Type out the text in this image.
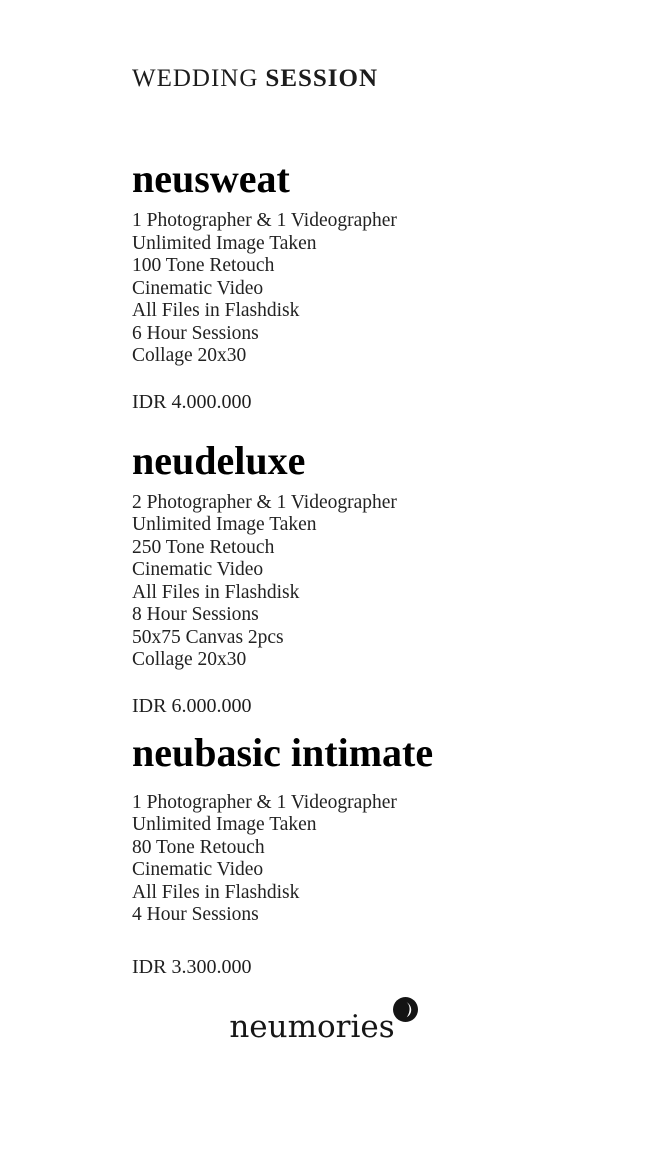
WEDDING SESSION
neusweat
1 Photographer & 1 Videographer
Unlimited Image Taken
100 Tone Retouch
Cinematic Video
All Files in Flashdisk
6 Hour Sessions
Collage 20x30

IDR 4.000.000

neudeluxe
2 Photographer & 1 Videographer
Unlimited Image Taken
250 Tone Retouch
Cinematic Video
All Files in Flashdisk
8 Hour Sessions
50x75 Canvas 2pcs
Collage 20x30

IDR 6.000.000

neubasic intimate
1 Photographer & 1 Videographer
Unlimited Image Taken
80 Tone Retouch
Cinematic Video
All Files in Flashdisk
4 Hour Sessions

IDR 3.300.000

neumories
